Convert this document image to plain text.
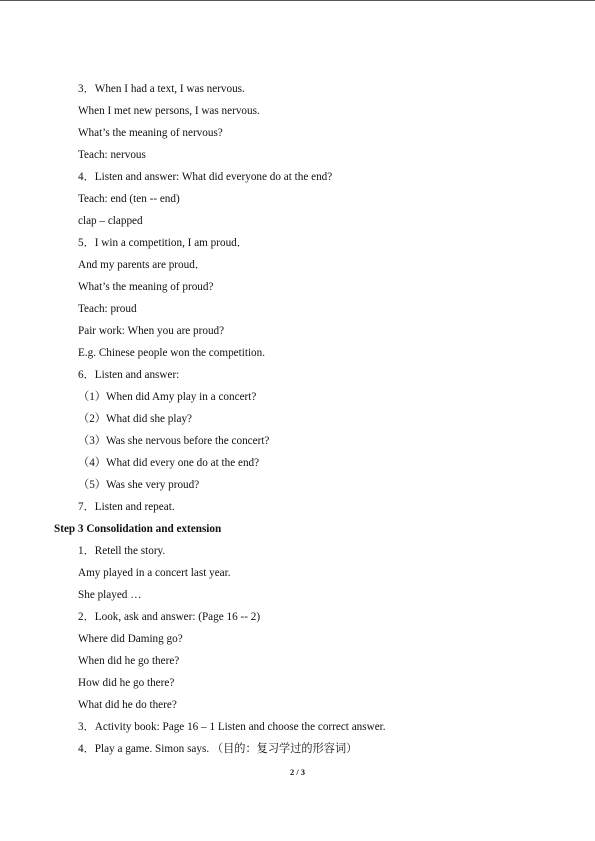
3．When I had a text, I was nervous.
When I met new persons, I was nervous.
What’s the meaning of nervous?
Teach: nervous
4．Listen and answer: What did everyone do at the end?
Teach: end (ten -- end)
clap – clapped
5．I win a competition, I am proud．
And my parents are proud．
What’s the meaning of proud?
Teach: proud
Pair work: When you are proud?
E.g. Chinese people won the competition.
6．Listen and answer:
（1）When did Amy play in a concert?
（2）What did she play?
（3）Was she nervous before the concert?
（4）What did every one do at the end?
（5）Was she very proud?
7．Listen and repeat.
Step 3 Consolidation and extension
1．Retell the story.
Amy played in a concert last year.
She played …
2．Look, ask and answer: (Page 16 -- 2)
Where did Daming go?
When did he go there?
How did he go there?
What did he do there?
3．Activity book: Page 16 – 1 Listen and choose the correct answer.
4．Play a game. Simon says. （目的：复习学过的形容词）
2 / 3
